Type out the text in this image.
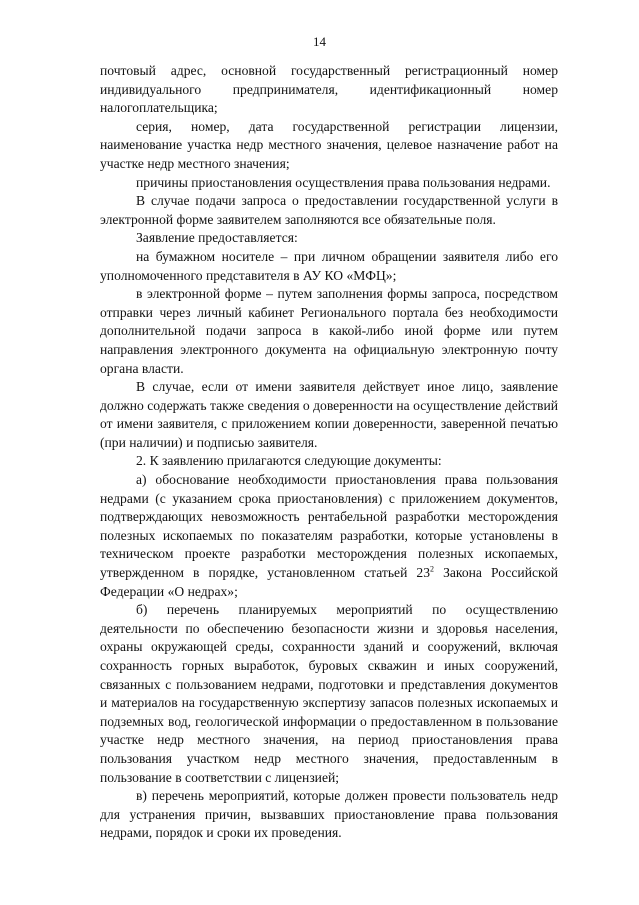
14

почтовый адрес, основной государственный регистрационный номер индивидуального предпринимателя, идентификационный номер налогоплательщика;

серия, номер, дата государственной регистрации лицензии, наименование участка недр местного значения, целевое назначение работ на участке недр местного значения;

причины приостановления осуществления права пользования недрами.

В случае подачи запроса о предоставлении государственной услуги в электронной форме заявителем заполняются все обязательные поля.

Заявление предоставляется:

на бумажном носителе – при личном обращении заявителя либо его уполномоченного представителя в АУ КО «МФЦ»;

в электронной форме – путем заполнения формы запроса, посредством отправки через личный кабинет Регионального портала без необходимости дополнительной подачи запроса в какой-либо иной форме или путем направления электронного документа на официальную электронную почту органа власти.

В случае, если от имени заявителя действует иное лицо, заявление должно содержать также сведения о доверенности на осуществление действий от имени заявителя, с приложением копии доверенности, заверенной печатью (при наличии) и подписью заявителя.

2. К заявлению прилагаются следующие документы:

а) обоснование необходимости приостановления права пользования недрами (с указанием срока приостановления) с приложением документов, подтверждающих невозможность рентабельной разработки месторождения полезных ископаемых по показателям разработки, которые установлены в техническом проекте разработки месторождения полезных ископаемых, утвержденном в порядке, установленном статьей $23^2$ Закона Российской Федерации «О недрах»;

б) перечень планируемых мероприятий по осуществлению деятельности по обеспечению безопасности жизни и здоровья населения, охраны окружающей среды, сохранности зданий и сооружений, включая сохранность горных выработок, буровых скважин и иных сооружений, связанных с пользованием недрами, подготовки и представления документов и материалов на государственную экспертизу запасов полезных ископаемых и подземных вод, геологической информации о предоставленном в пользование участке недр местного значения, на период приостановления права пользования участком недр местного значения, предоставленным в пользование в соответствии с лицензией;

в) перечень мероприятий, которые должен провести пользователь недр для устранения причин, вызвавших приостановление права пользования недрами, порядок и сроки их проведения.
